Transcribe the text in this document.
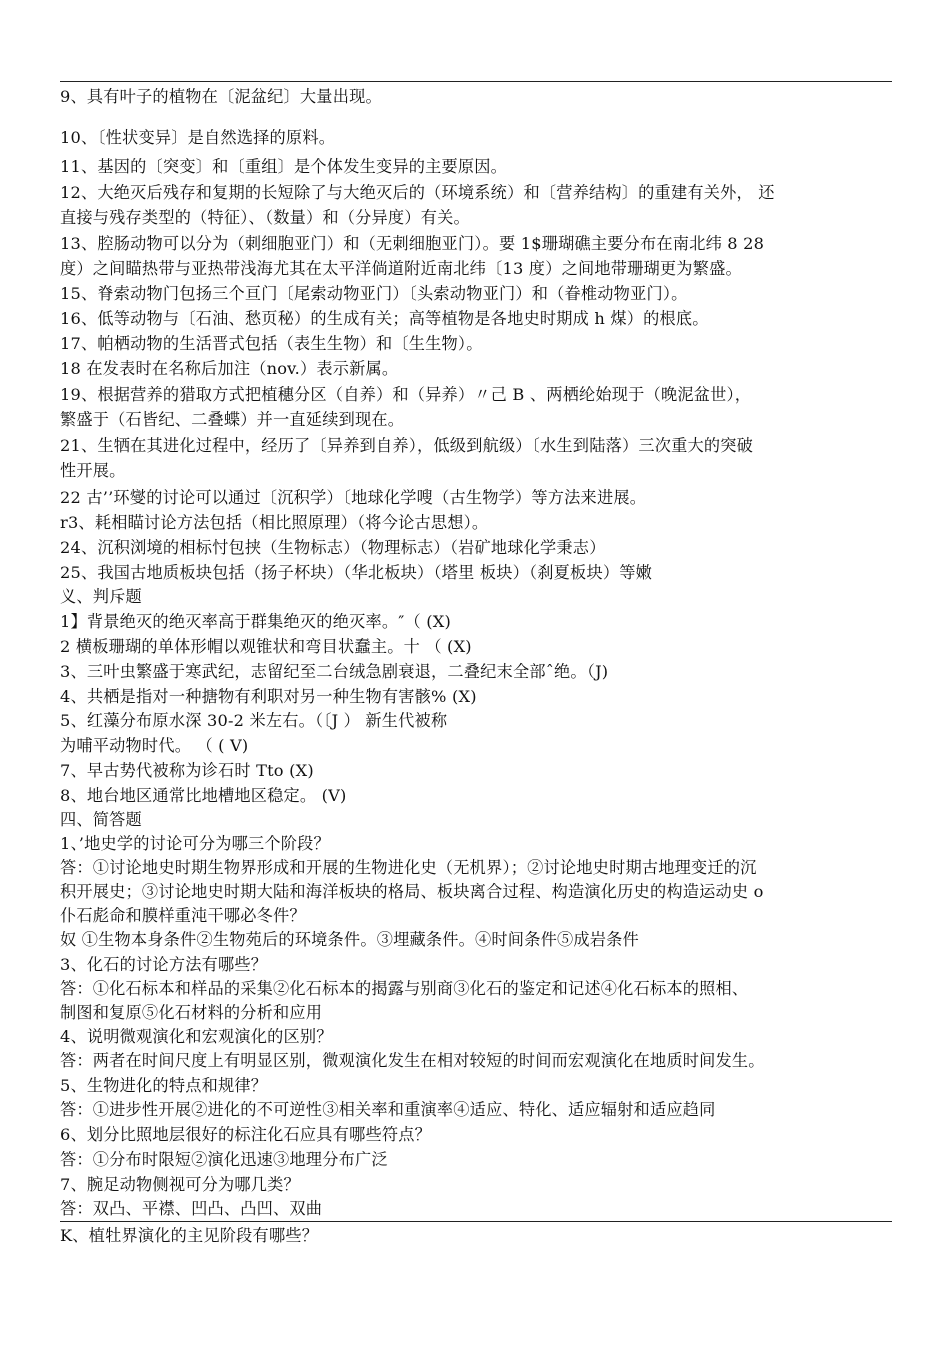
9、具有叶子的植物在〔泥盆纪〕大量出现。
10、〔性状变异〕是自然选择的原料。
11、基因的〔突变〕和〔重组〕是个体发生变异的主要原因。
12、大绝灭后残存和复期的长短除了与大绝灭后的（环境系统）和〔营养结构〕的重建有关外， 还
直接与残存类型的（特征）、（数量）和（分异度）有关。
13、腔肠动物可以分为（刺细胞亚门）和（无刺细胞亚门）。要 1$珊瑚礁主要分布在南北纬 8 28
度）之间瞄热带与亚热带浅海尤其在太平洋倘道附近南北纬〔13 度）之间地带珊瑚更为繁盛。
15、脊索动物门包扬三个亘门〔尾索动物亚门）〔头索动物亚门）和（眷椎动物亚门）。
16、低等动物与〔石油、愁页秘）的生成有关；高等植物是各地史时期成 h 煤）的根底。
17、帕栖动物的生活晋式包括（表生生物）和〔生生物）。
18 在发表时在名称后加注（nov.）表示新属。
19、根据营养的猎取方式把植穗分区（自养）和（异养）〃己 B 、两栖纶始现于（晚泥盆世），
繁盛于（石皆纪、二叠蝶）并一直延续到现在。
21、生牺在其进化过程中，经历了〔异养到自养），低级到航级）〔水生到陆落）三次重大的突破
性开展。
22 古’’环燮的讨论可以通过〔沉积学）〔地球化学嗖（古生物学）等方法来进展。
r3、耗相瞄讨论方法包括（相比照原理）（将今论古思想）。
24、沉积浏境的相标忖包挟（生物标志）（物理标志）（岩矿地球化学秉志）
25、我国古地质板块包括（扬子杯块）（华北板块）（塔里 板块）（刹夏板块）等嫩
义、判斥题
1】背景绝灭的绝灭率高于群集绝灭的绝灭率。″（ (X)
2 横板珊瑚的单体形帽以观锥状和弯目状蠢主。十 （ (X)
3、三叶虫繁盛于寒武纪，志留纪至二台绒急剧衰退，二叠纪末全部ˆ绝。（J)
4、共栖是指对一种搪物有利职对另一种生物有害骸% (X)
5、红藻分布原水深 30-2 米左右。（〔J ） 新生代被称
为哺平动物时代。 （ ( V)
7、早古势代被称为诊石时 Tto (X)
8、地台地区通常比地槽地区稳定。 (V)
四、简答题
1、’地史学的讨论可分为哪三个阶段？
答：①讨论地史时期生物界形成和开展的生物进化史（无机界）；②讨论地史时期古地理变迁的沉
积开展史；③讨论地史时期大陆和海洋板块的格局、板块离合过程、构造演化历史的构造运动史 o
仆石彪命和膜样重沌干哪必冬件？
奴 ①生物本身条件②生物苑后的环境条件。③埋藏条件。④时间条件⑤成岩条件
3、化石的讨论方法有哪些？
答：①化石标本和样品的采集②化石标本的揭露与别商③化石的鉴定和记述④化石标本的照相、
制图和复原⑤化石材料的分析和应用
4、说明微观演化和宏观演化的区别？
答：两者在时间尺度上有明显区别，微观演化发生在相对较短的时间而宏观演化在地质时间发生。
5、生物进化的特点和规律？
答：①进步性开展②进化的不可逆性③相关率和重演率④适应、特化、适应辐射和适应趋同
6、划分比照地层很好的标注化石应具有哪些符点？
答：①分布时限短②演化迅速③地理分布广泛
7、腕足动物侧视可分为哪几类？
答：双凸、平襟、凹凸、凸凹、双曲
K、植牡界演化的主见阶段有哪些？
